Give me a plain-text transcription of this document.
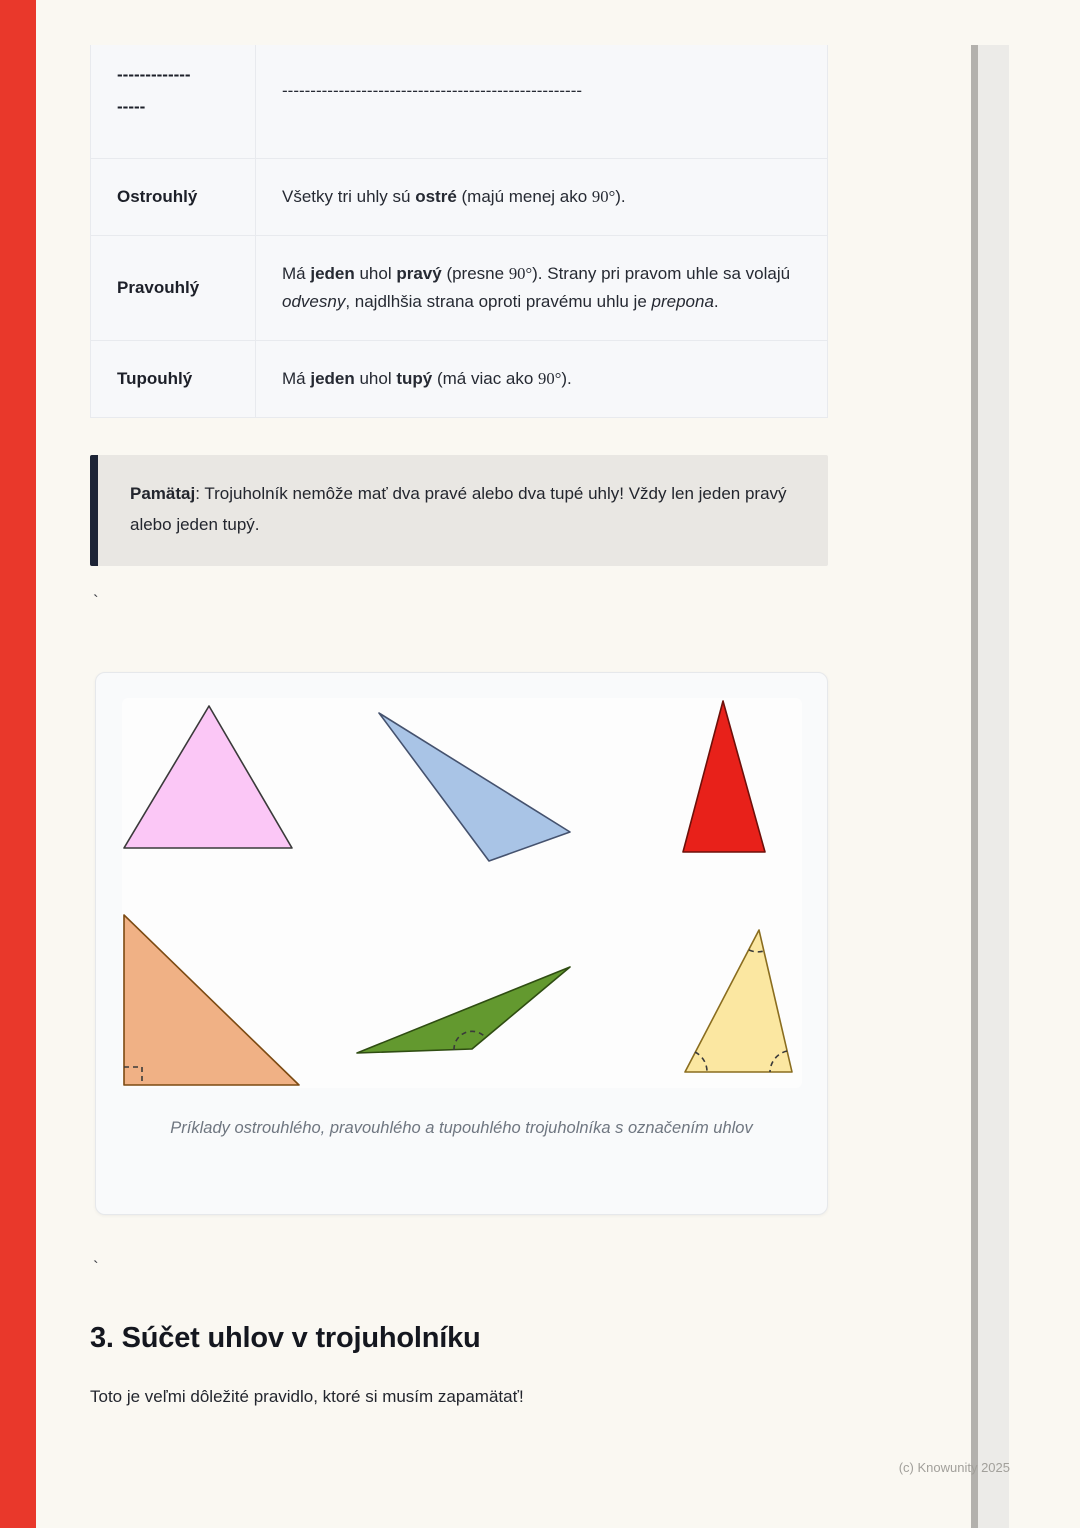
-------------
-----
-----------------------------------------------------
Ostrouhlý	Všetky tri uhly sú ostré (majú menej ako 90°).
Pravouhlý
Má jeden uhol pravý (presne 90°). Strany pri pravom uhle sa volajú odvesny, najdlhšia strana oproti pravému uhlu je prepona.
Tupouhlý	Má jeden uhol tupý (má viac ako 90°).
Pamätaj: Trojuholník nemôže mať dva pravé alebo dva tupé uhly! Vždy len jeden pravý alebo jeden tupý.
`
Príklady ostrouhlého, pravouhlého a tupouhlého trojuholníka s označením uhlov
`
3. Súčet uhlov v trojuholníku

Toto je veľmi dôležité pravidlo, ktoré si musím zapamätať!

(c) Knowunity 2025
